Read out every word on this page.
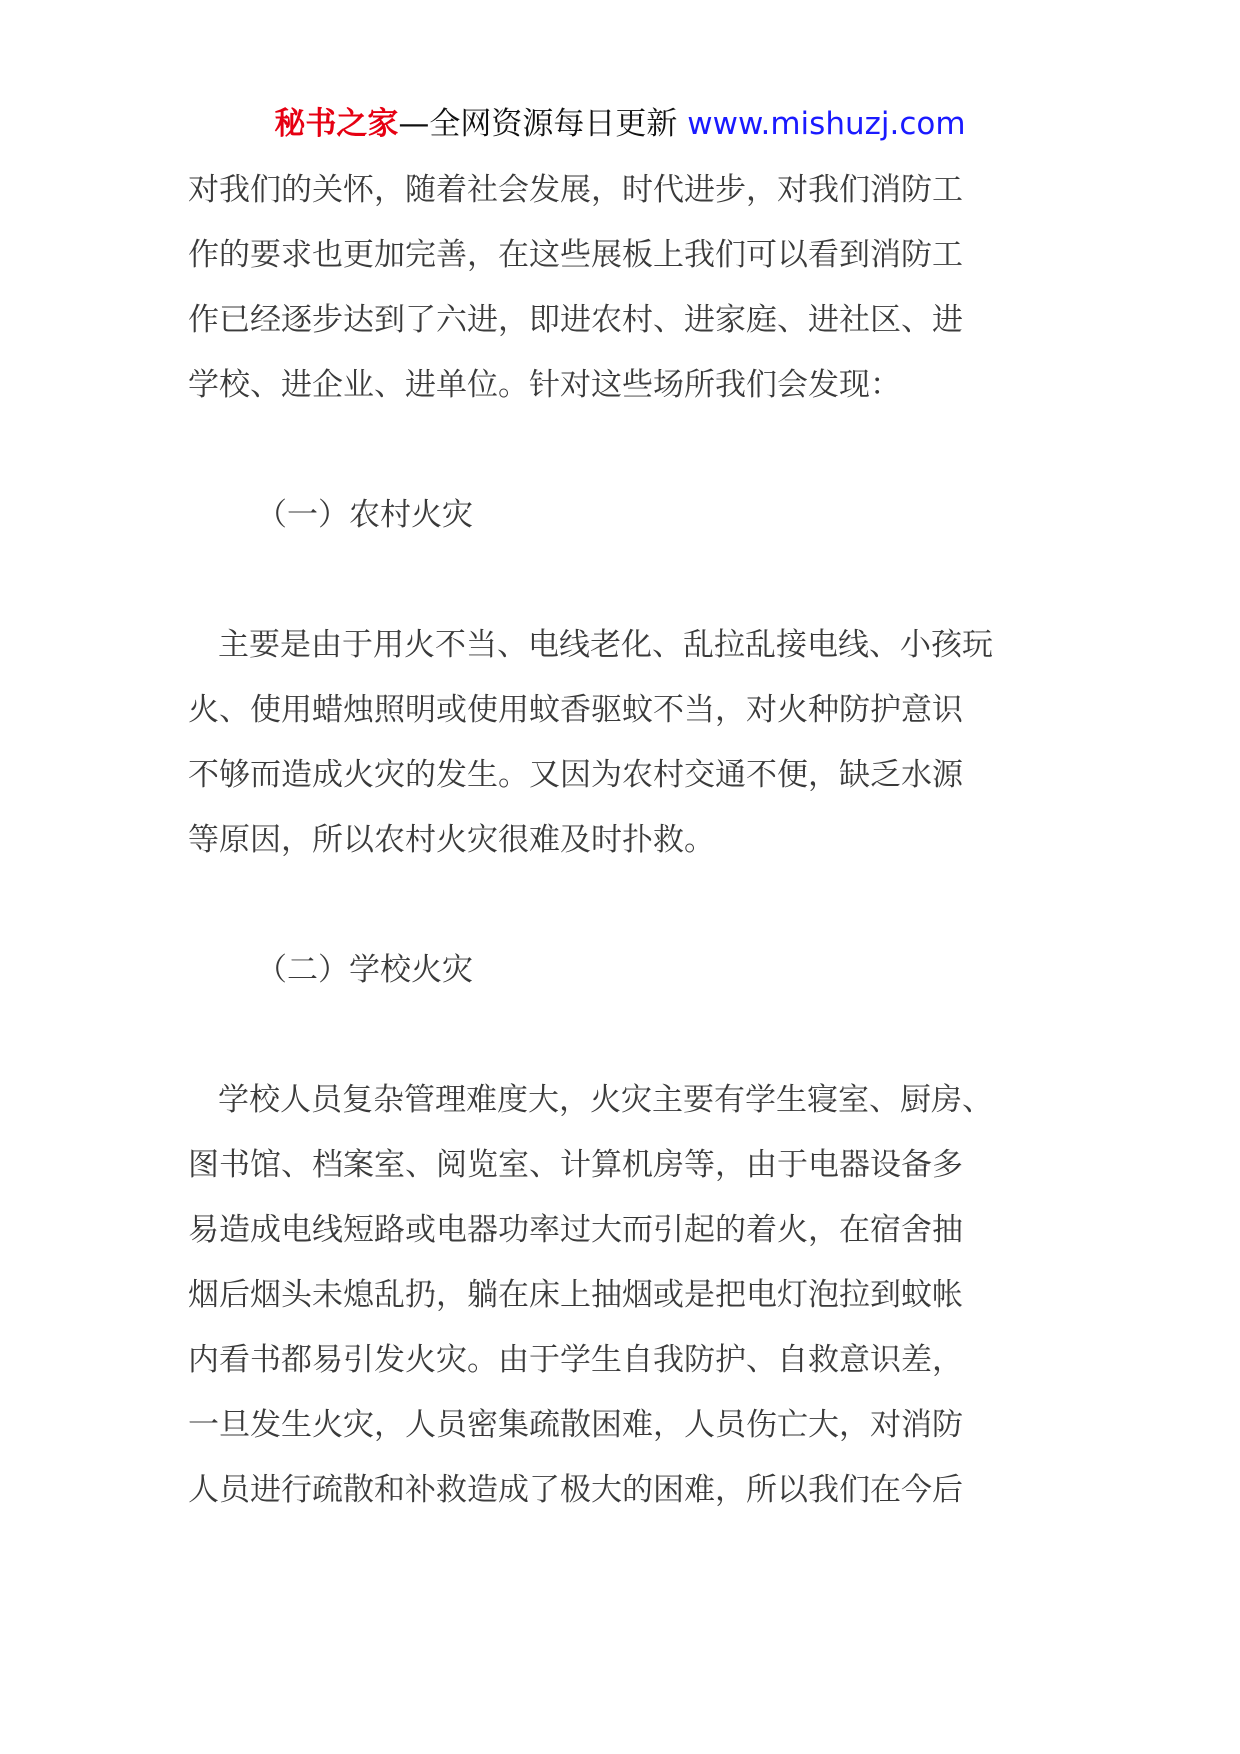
秘书之家—全网资源每日更新 www.mishuzj.com
对我们的关怀，随着社会发展，时代进步，对我们消防工
作的要求也更加完善，在这些展板上我们可以看到消防工
作已经逐步达到了六进，即进农村、进家庭、进社区、进
学校、进企业、进单位。针对这些场所我们会发现：
（一）农村火灾
主要是由于用火不当、电线老化、乱拉乱接电线、小孩玩
火、使用蜡烛照明或使用蚊香驱蚊不当，对火种防护意识
不够而造成火灾的发生。又因为农村交通不便，缺乏水源
等原因，所以农村火灾很难及时扑救。
（二）学校火灾
学校人员复杂管理难度大，火灾主要有学生寝室、厨房、
图书馆、档案室、阅览室、计算机房等，由于电器设备多
易造成电线短路或电器功率过大而引起的着火，在宿舍抽
烟后烟头未熄乱扔，躺在床上抽烟或是把电灯泡拉到蚊帐
内看书都易引发火灾。由于学生自我防护、自救意识差，
一旦发生火灾，人员密集疏散困难，人员伤亡大，对消防
人员进行疏散和补救造成了极大的困难，所以我们在今后
